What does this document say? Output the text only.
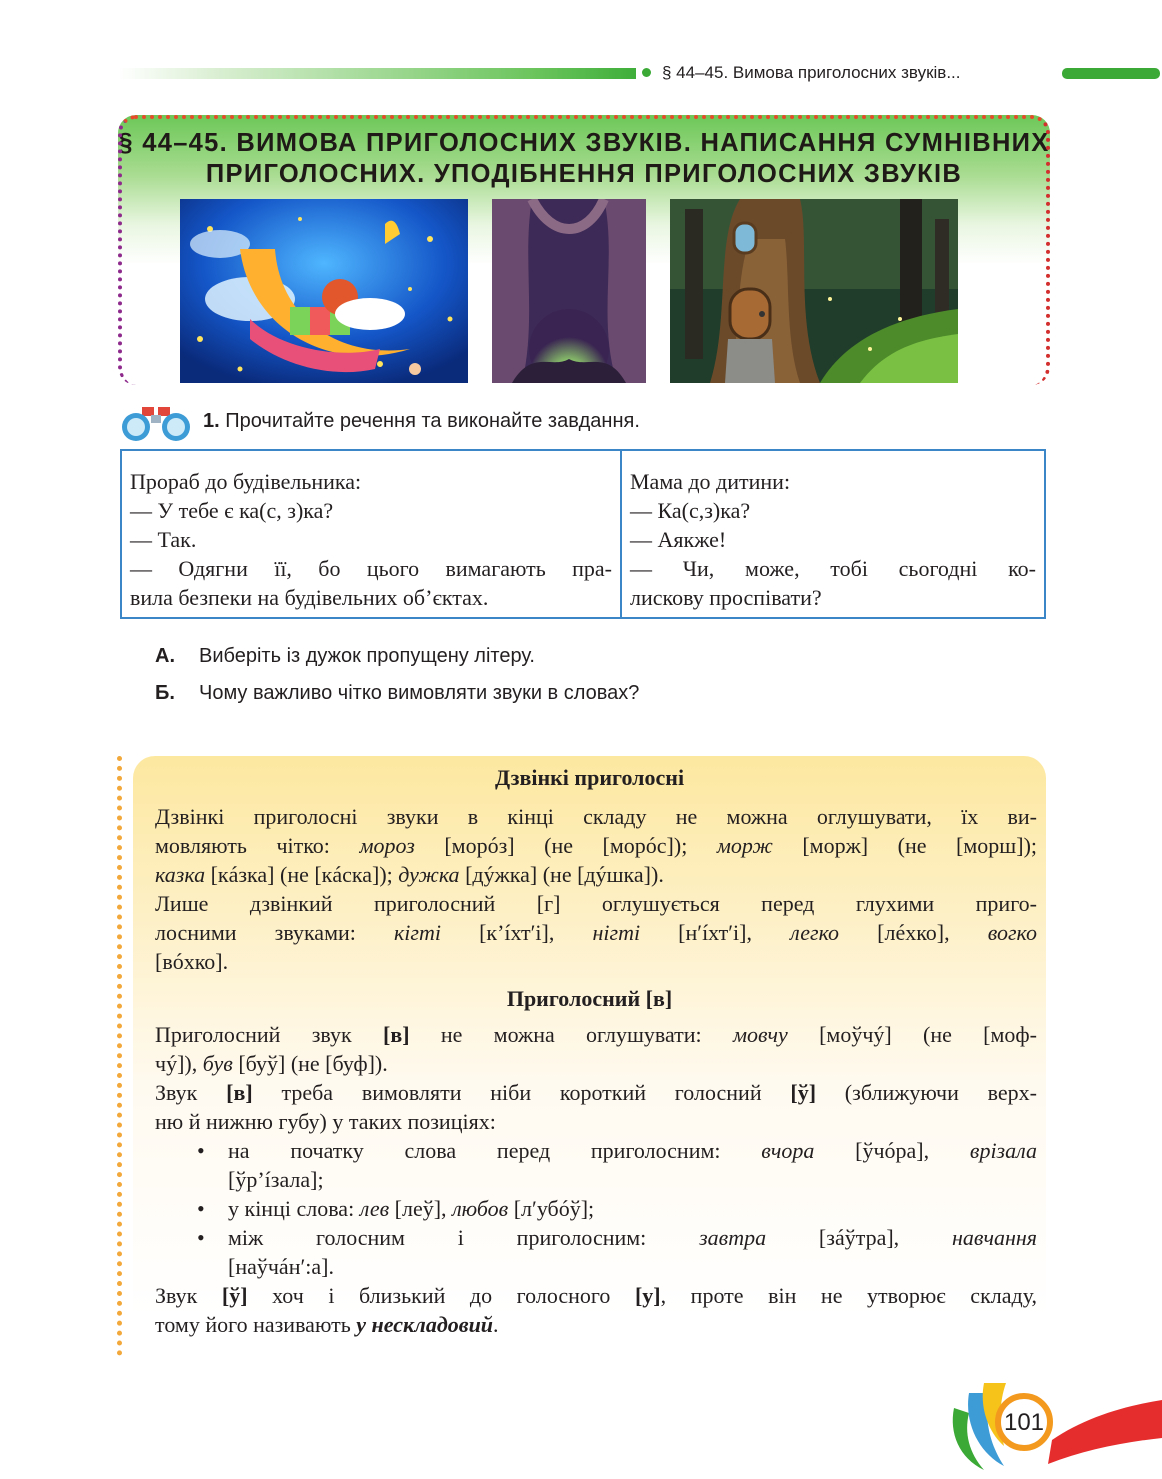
§ 44–45. Вимова приголосних звуків...
§ 44–45. ВИМОВА ПРИГОЛОСНИХ ЗВУКІВ. НАПИСАННЯ СУМНІВНИХ
ПРИГОЛОСНИХ. УПОДІБНЕННЯ ПРИГОЛОСНИХ ЗВУКІВ
1. Прочитайте речення та виконайте завдання.
Прораб до будівельника:
— У тебе є ка(с, з)ка?
— Так.
— Одягни її, бо цього вимагають пра-
вила безпеки на будівельних об’єктах.
Мама до дитини:
— Ка(с,з)ка?
— Аякже!
— Чи, може, тобі сьогодні ко-
лискову проспівати?
А. Виберіть із дужок пропущену літеру.
Б. Чому важливо чітко вимовляти звуки в словах?
Дзвінкі приголосні
Дзвінкі приголосні звуки в кінці складу не можна оглушувати, їх ви-
мовляють чітко: мороз [морóз] (не [морóс]); морж [морж] (не [морш]);
казка [кáзка] (не [кáска]); дужка [дýжка] (не [дýшка]).
Лише дзвінкий приголосний [г] оглушується перед глухими приго-
лосними звуками: кігті [к’íхт′і], нігті [н′íхт′і], легко [лéхко], вогко
[вóхко].
Приголосний [в]
Приголосний звук [в] не можна оглушувати: мовчу [моўчý] (не [моф-
чý]), був [буў] (не [буф]).
Звук [в] треба вимовляти ніби короткий голосний [ў] (зближуючи верх-
ню й нижню губу) у таких позиціях:
• на початку слова перед приголосним: вчора [ўчóра], врізала
[ўр’íзала];
• у кінці слова: лев [леў], любов [л′убóў];
• між голосним і приголосним: завтра [зáўтра], навчання
[наўчáн′:а].
Звук [ў] хоч і близький до голосного [у], проте він не утворює складу,
тому його називають у нескладовий.
101
